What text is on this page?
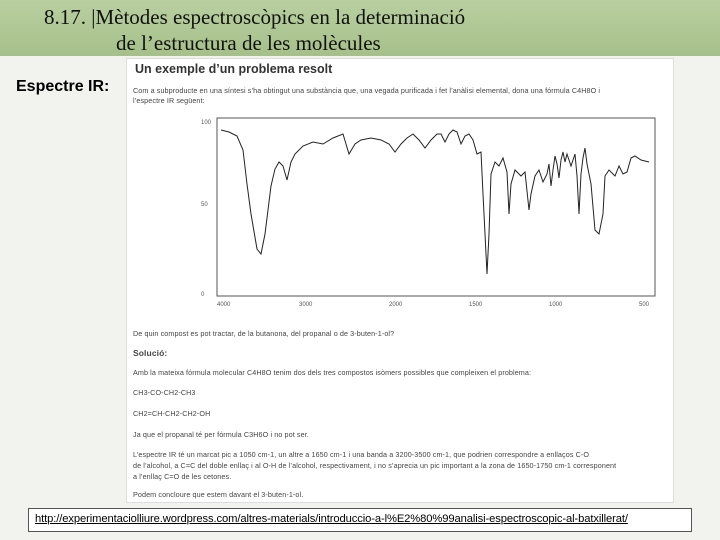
8.17. |Mètodes espectroscòpics en la determinació
de l’estructura de les molècules
Espectre IR:
Un exemple d’un problema resolt
Com a subproducte en una síntesi s’ha obtingut una substància que, una vegada purificada i fet l’anàlisi elemental, dona una fórmula C4H8O i
l’espectre IR següent:
100
50
0
4000	3000	2000	1500	1000	500
De quin compost es pot tractar, de la butanona, del propanal o de 3-buten-1-ol?
Solució:
Amb la mateixa fórmula molecular C4H8O tenim dos dels tres compostos isòmers possibles que compleixen el problema:
CH3-CO-CH2-CH3
CH2=CH-CH2-CH2-OH
Ja que el propanal té per fórmula C3H6O i no pot ser.
L’espectre IR té un marcat pic a 1050 cm-1, un altre a 1650 cm-1 i una banda a 3200-3500 cm-1, que podrien correspondre a enllaços C-O
de l’alcohol, a C=C del doble enllaç i al O-H de l’alcohol, respectivament, i no s’aprecia un pic important a la zona de 1650-1750 cm-1 corresponent
a l’enllaç C=O de les cetones.
Podem concloure que estem davant el 3-buten-1-ol.
http://experimentaciolliure.wordpress.com/altres-materials/introduccio-a-l%E2%80%99analisi-espectroscopic-al-batxillerat/
